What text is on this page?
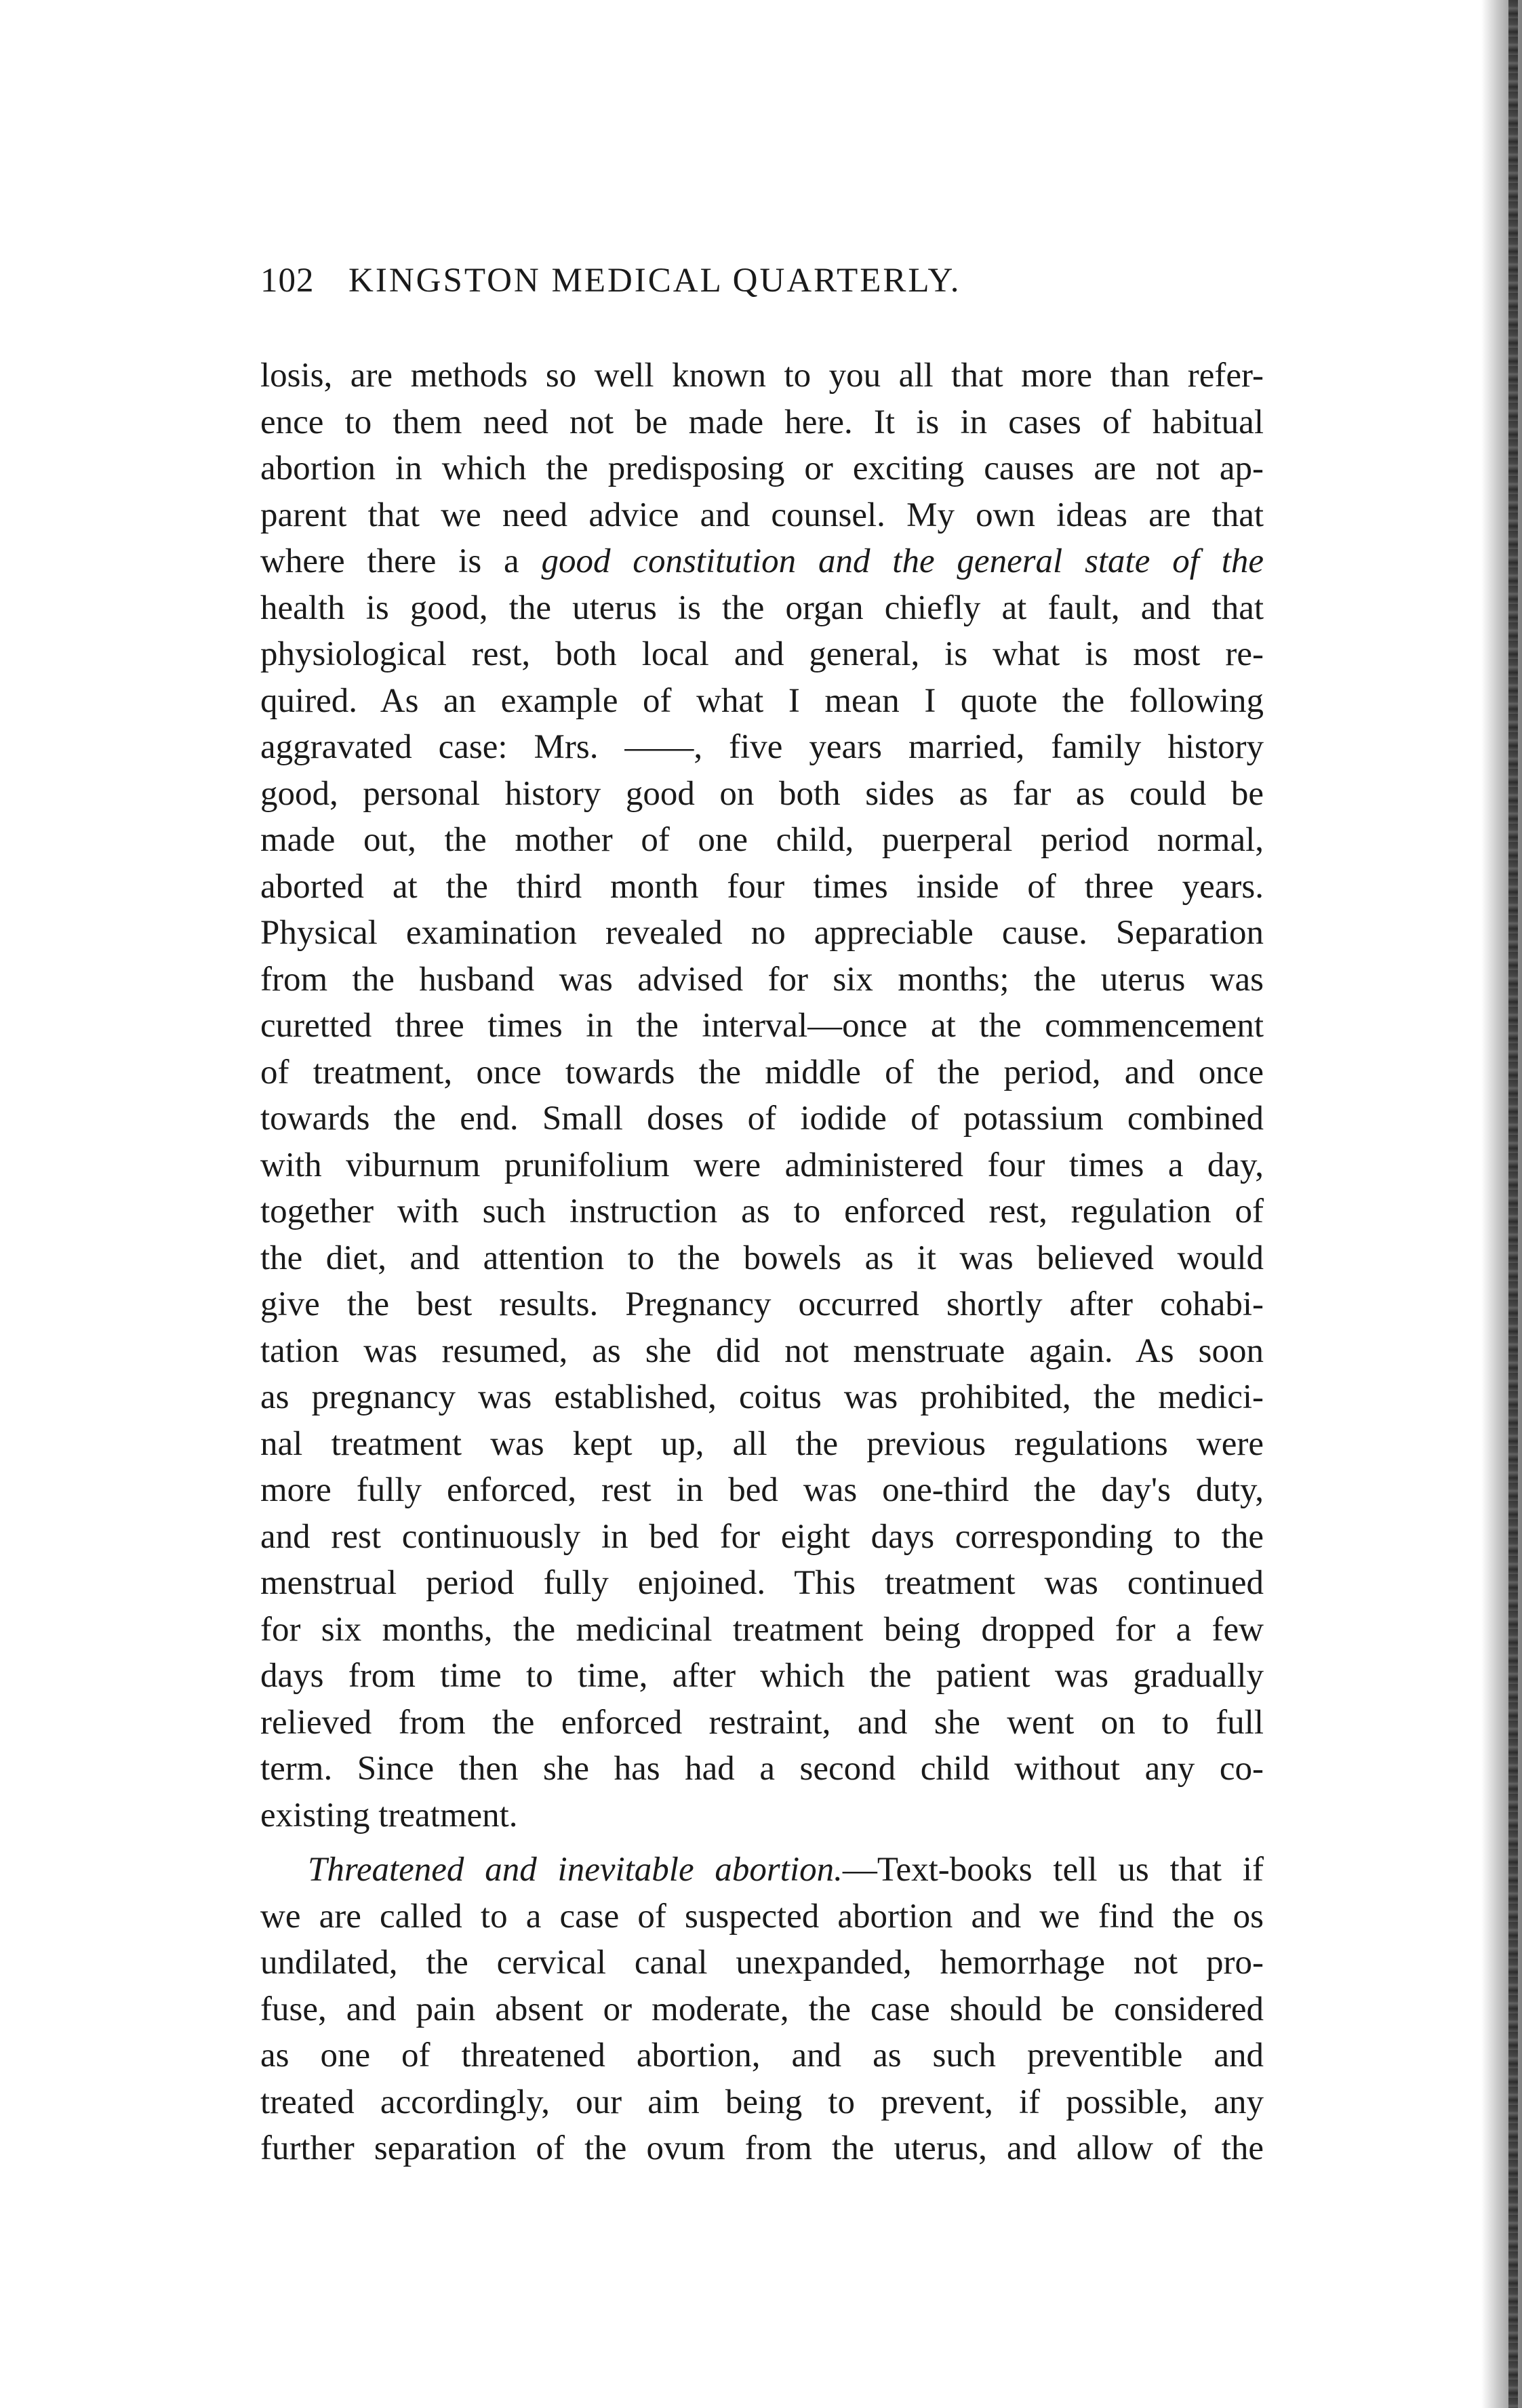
102 KINGSTON MEDICAL QUARTERLY.
losis, are methods so well known to you all that more than refer-
ence to them need not be made here. It is in cases of habitual
abortion in which the predisposing or exciting causes are not ap-
parent that we need advice and counsel. My own ideas are that
where there is a good constitution and the general state of the
health is good, the uterus is the organ chiefly at fault, and that
physiological rest, both local and general, is what is most re-
quired. As an example of what I mean I quote the following
aggravated case: Mrs. ——, five years married, family history
good, personal history good on both sides as far as could be
made out, the mother of one child, puerperal period normal,
aborted at the third month four times inside of three years.
Physical examination revealed no appreciable cause. Separation
from the husband was advised for six months; the uterus was
curetted three times in the interval—once at the commencement
of treatment, once towards the middle of the period, and once
towards the end. Small doses of iodide of potassium combined
with viburnum prunifolium were administered four times a day,
together with such instruction as to enforced rest, regulation of
the diet, and attention to the bowels as it was believed would
give the best results. Pregnancy occurred shortly after cohabi-
tation was resumed, as she did not menstruate again. As soon
as pregnancy was established, coitus was prohibited, the medici-
nal treatment was kept up, all the previous regulations were
more fully enforced, rest in bed was one-third the day's duty,
and rest continuously in bed for eight days corresponding to the
menstrual period fully enjoined. This treatment was continued
for six months, the medicinal treatment being dropped for a few
days from time to time, after which the patient was gradually
relieved from the enforced restraint, and she went on to full
term. Since then she has had a second child without any co-
existing treatment.
Threatened and inevitable abortion.—Text-books tell us that if
we are called to a case of suspected abortion and we find the os
undilated, the cervical canal unexpanded, hemorrhage not pro-
fuse, and pain absent or moderate, the case should be considered
as one of threatened abortion, and as such preventible and
treated accordingly, our aim being to prevent, if possible, any
further separation of the ovum from the uterus, and allow of the
